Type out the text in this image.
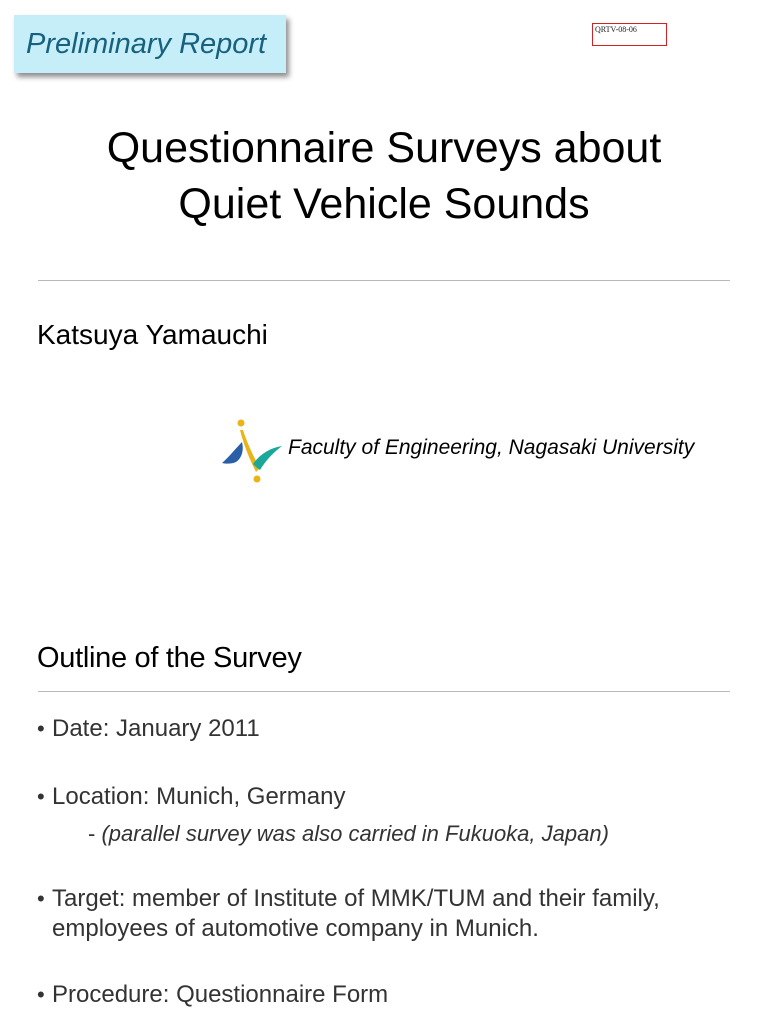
Preliminary Report	QRTV-08-06
Questionnaire Surveys about
Quiet Vehicle Sounds
Katsuya Yamauchi
Faculty of Engineering, Nagasaki University
Outline of the Survey
• Date: January 2011
• Location: Munich, Germany
• Target: member of Institute of MMK/TUM and their family, employees of automotive company in Munich.
• Procedure: Questionnaire Form
- (parallel survey was also carried in Fukuoka, Japan)
